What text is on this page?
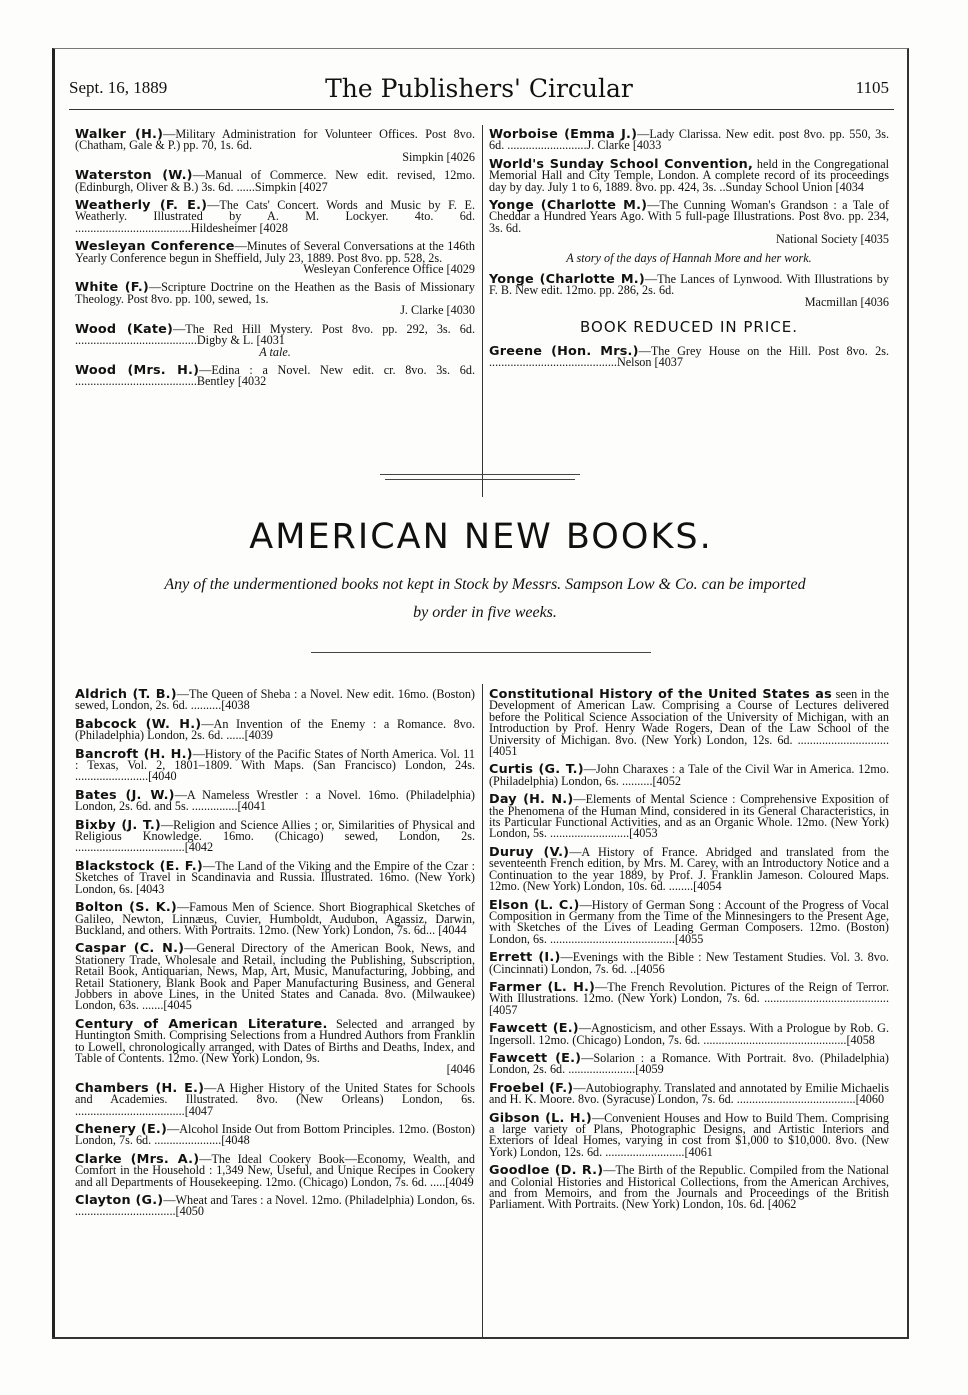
Sept. 16, 1889	The Publishers' Circular	1105
Walker (H.)—Military Administration for Volunteer Offices. Post 8vo. (Chatham, Gale & P.) pp. 70, 1s. 6d.
Simpkin [4026
Waterston (W.)—Manual of Commerce. New edit. revised, 12mo. (Edinburgh, Oliver & B.) 3s. 6d. ......Simpkin [4027
Weatherly (F. E.)—The Cats' Concert. Words and Music by F. E. Weatherly. Illustrated by A. M. Lockyer. 4to. 6d. ......................................Hildesheimer [4028
Wesleyan Conference—Minutes of Several Conversations at the 146th Yearly Conference begun in Sheffield, July 23, 1889. Post 8vo. pp. 528, 2s.
Wesleyan Conference Office [4029
White (F.)—Scripture Doctrine on the Heathen as the Basis of Missionary Theology. Post 8vo. pp. 100, sewed, 1s.
J. Clarke [4030
Wood (Kate)—The Red Hill Mystery. Post 8vo. pp. 292, 3s. 6d. ........................................Digby & L. [4031
A tale.
Wood (Mrs. H.)—Edina : a Novel. New edit. cr. 8vo. 3s. 6d. ........................................Bentley [4032
Worboise (Emma J.)—Lady Clarissa. New edit. post 8vo. pp. 550, 3s. 6d. ..........................J. Clarke [4033
World's Sunday School Convention, held in the Congregational Memorial Hall and City Temple, London. A complete record of its proceedings day by day. July 1 to 6, 1889. 8vo. pp. 424, 3s. ..Sunday School Union [4034
Yonge (Charlotte M.)—The Cunning Woman's Grandson : a Tale of Cheddar a Hundred Years Ago. With 5 full-page Illustrations. Post 8vo. pp. 234, 3s. 6d.
National Society [4035
A story of the days of Hannah More and her work.
Yonge (Charlotte M.)—The Lances of Lynwood. With Illustrations by F. B. New edit. 12mo. pp. 286, 2s. 6d.
Macmillan [4036
BOOK REDUCED IN PRICE.
Greene (Hon. Mrs.)—The Grey House on the Hill. Post 8vo. 2s. ..........................................Nelson [4037
AMERICAN NEW BOOKS.
Any of the undermentioned books not kept in Stock by Messrs. Sampson Low & Co. can be imported
by order in five weeks.
Aldrich (T. B.)—The Queen of Sheba : a Novel. New edit. 16mo. (Boston) sewed, London, 2s. 6d. ..........[4038
Babcock (W. H.)—An Invention of the Enemy : a Romance. 8vo. (Philadelphia) London, 2s. 6d. ......[4039
Bancroft (H. H.)—History of the Pacific States of North America. Vol. 11 : Texas, Vol. 2, 1801–1809. With Maps. (San Francisco) London, 24s. ........................[4040
Bates (J. W.)—A Nameless Wrestler : a Novel. 16mo. (Philadelphia) London, 2s. 6d. and 5s. ...............[4041
Bixby (J. T.)—Religion and Science Allies ; or, Similarities of Physical and Religious Knowledge. 16mo. (Chicago) sewed, London, 2s. ....................................[4042
Blackstock (E. F.)—The Land of the Viking and the Empire of the Czar : Sketches of Travel in Scandinavia and Russia. Illustrated. 16mo. (New York) London, 6s. [4043
Bolton (S. K.)—Famous Men of Science. Short Biographical Sketches of Galileo, Newton, Linnæus, Cuvier, Humboldt, Audubon, Agassiz, Darwin, Buckland, and others. With Portraits. 12mo. (New York) London, 7s. 6d... [4044
Caspar (C. N.)—General Directory of the American Book, News, and Stationery Trade, Wholesale and Retail, including the Publishing, Subscription, Retail Book, Antiquarian, News, Map, Art, Music, Manufacturing, Jobbing, and Retail Stationery, Blank Book and Paper Manufacturing Business, and General Jobbers in above Lines, in the United States and Canada. 8vo. (Milwaukee) London, 63s. .......[4045
Century of American Literature. Selected and arranged by Huntington Smith. Comprising Selections from a Hundred Authors from Franklin to Lowell, chronologically arranged, with Dates of Births and Deaths, Index, and Table of Contents. 12mo. (New York) London, 9s.
[4046
Chambers (H. E.)—A Higher History of the United States for Schools and Academies. Illustrated. 8vo. (New Orleans) London, 6s. ....................................[4047
Chenery (E.)—Alcohol Inside Out from Bottom Principles. 12mo. (Boston) London, 7s. 6d. ......................[4048
Clarke (Mrs. A.)—The Ideal Cookery Book—Economy, Wealth, and Comfort in the Household : 1,349 New, Useful, and Unique Recipes in Cookery and all Departments of Housekeeping. 12mo. (Chicago) London, 7s. 6d. .....[4049
Clayton (G.)—Wheat and Tares : a Novel. 12mo. (Philadelphia) London, 6s. .................................[4050
Constitutional History of the United States as seen in the Development of American Law. Comprising a Course of Lectures delivered before the Political Science Association of the University of Michigan, with an Introduction by Prof. Henry Wade Rogers, Dean of the Law School of the University of Michigan. 8vo. (New York) London, 12s. 6d. ..............................[4051
Curtis (G. T.)—John Charaxes : a Tale of the Civil War in America. 12mo. (Philadelphia) London, 6s. ..........[4052
Day (H. N.)—Elements of Mental Science : Comprehensive Exposition of the Phenomena of the Human Mind, considered in its General Characteristics, in its Particular Functional Activities, and as an Organic Whole. 12mo. (New York) London, 5s. ..........................[4053
Duruy (V.)—A History of France. Abridged and translated from the seventeenth French edition, by Mrs. M. Carey, with an Introductory Notice and a Continuation to the year 1889, by Prof. J. Franklin Jameson. Coloured Maps. 12mo. (New York) London, 10s. 6d. ........[4054
Elson (L. C.)—History of German Song : Account of the Progress of Vocal Composition in Germany from the Time of the Minnesingers to the Present Age, with Sketches of the Lives of Leading German Composers. 12mo. (Boston) London, 6s. .........................................[4055
Errett (I.)—Evenings with the Bible : New Testament Studies. Vol. 3. 8vo. (Cincinnati) London, 7s. 6d. ..[4056
Farmer (L. H.)—The French Revolution. Pictures of the Reign of Terror. With Illustrations. 12mo. (New York) London, 7s. 6d. .........................................[4057
Fawcett (E.)—Agnosticism, and other Essays. With a Prologue by Rob. G. Ingersoll. 12mo. (Chicago) London, 7s. 6d. ...............................................[4058
Fawcett (E.)—Solarion : a Romance. With Portrait. 8vo. (Philadelphia) London, 2s. 6d. ......................[4059
Froebel (F.)—Autobiography. Translated and annotated by Emilie Michaelis and H. K. Moore. 8vo. (Syracuse) London, 7s. 6d. .......................................[4060
Gibson (L. H.)—Convenient Houses and How to Build Them. Comprising a large variety of Plans, Photographic Designs, and Artistic Interiors and Exteriors of Ideal Homes, varying in cost from $1,000 to $10,000. 8vo. (New York) London, 12s. 6d. ..........................[4061
Goodloe (D. R.)—The Birth of the Republic. Compiled from the National and Colonial Histories and Historical Collections, from the American Archives, and from Memoirs, and from the Journals and Proceedings of the British Parliament. With Portraits. (New York) London, 10s. 6d. [4062
